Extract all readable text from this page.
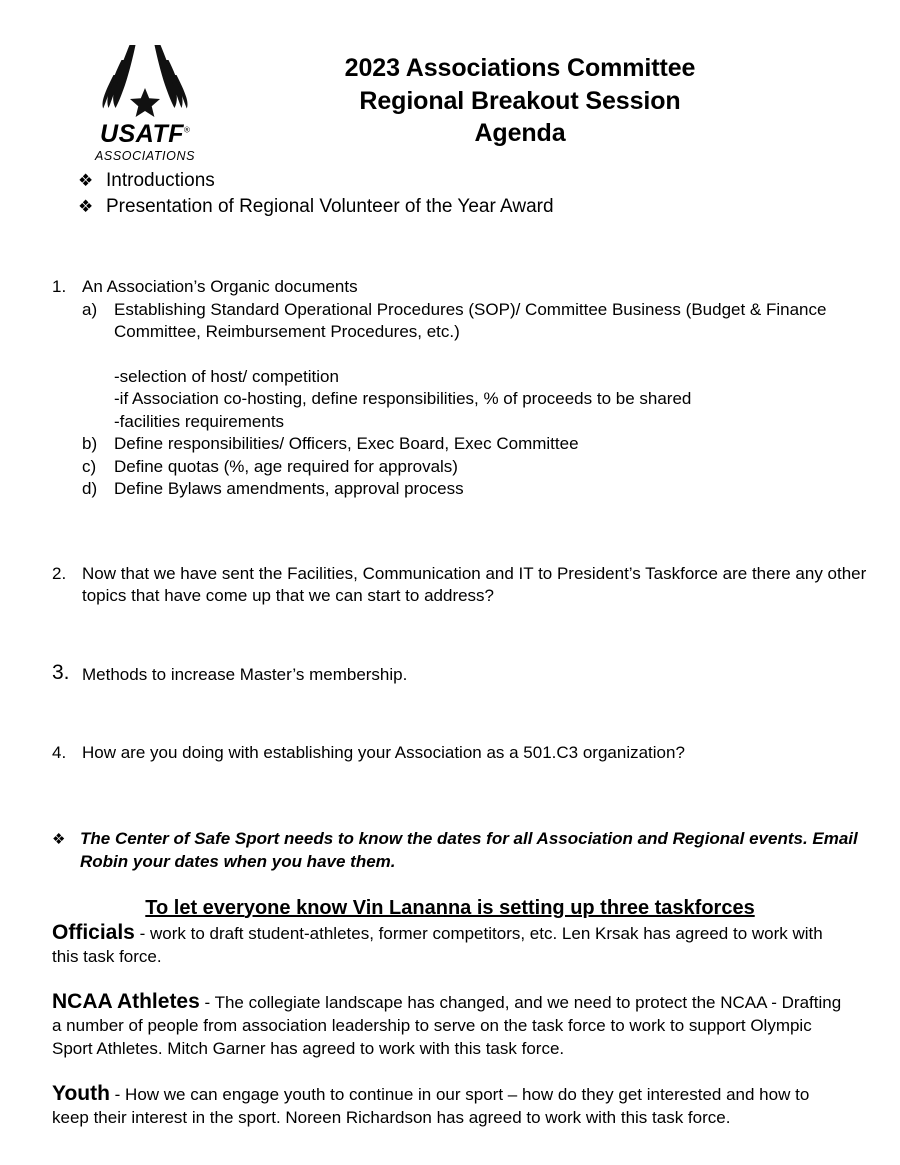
USATF®
ASSOCIATIONS
2023 Associations Committee
Regional Breakout Session
Agenda
❖ Introductions
❖ Presentation of Regional Volunteer of the Year Award
1. An Association’s Organic documents
a) Establishing Standard Operational Procedures (SOP)/ Committee Business (Budget & Finance Committee, Reimbursement Procedures, etc.)
-selection of host/ competition
-if Association co-hosting, define responsibilities, % of proceeds to be shared
-facilities requirements
b) Define responsibilities/ Officers, Exec Board, Exec Committee
c) Define quotas (%, age required for approvals)
d) Define Bylaws amendments, approval process
2. Now that we have sent the Facilities, Communication and IT to President’s Taskforce are there any other topics that have come up that we can start to address?
3. Methods to increase Master’s membership.
4. How are you doing with establishing your Association as a 501.C3 organization?
❖ The Center of Safe Sport needs to know the dates for all Association and Regional events. Email Robin your dates when you have them.
To let everyone know Vin Lananna is setting up three taskforces
Officials - work to draft student-athletes, former competitors, etc. Len Krsak has agreed to work with this task force.
NCAA Athletes - The collegiate landscape has changed, and we need to protect the NCAA - Drafting a number of people from association leadership to serve on the task force to work to support Olympic Sport Athletes. Mitch Garner has agreed to work with this task force.
Youth - How we can engage youth to continue in our sport – how do they get interested and how to keep their interest in the sport. Noreen Richardson has agreed to work with this task force.
